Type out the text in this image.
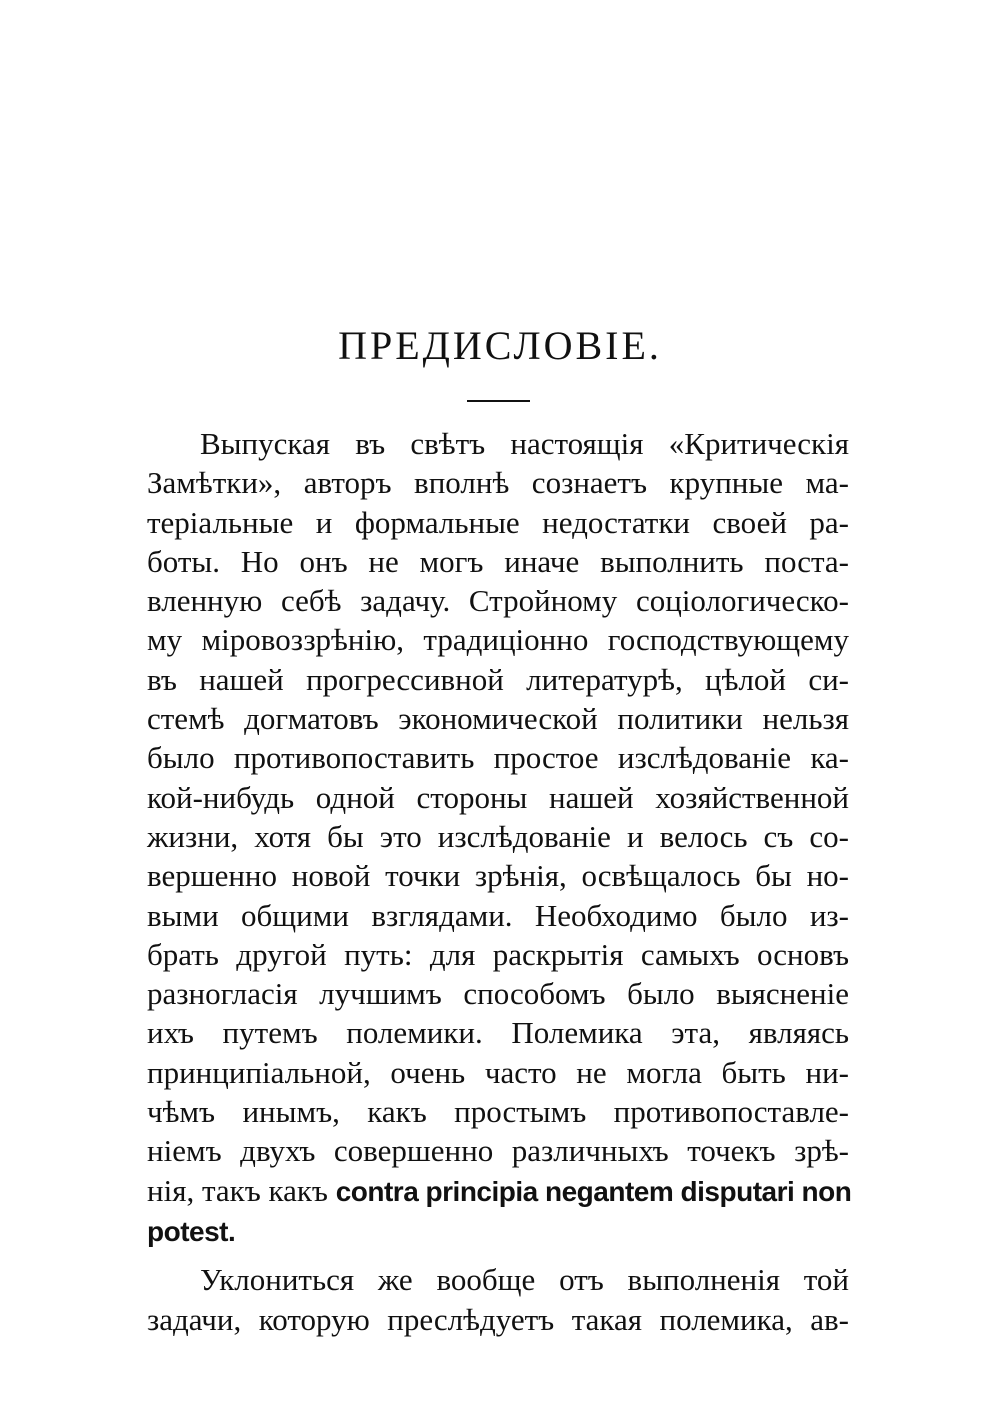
ПРЕДИСЛОВІЕ.
Выпуская въ свѣтъ настоящія «Критическія
Замѣтки», авторъ вполнѣ сознаетъ крупные ма-
теріальные и формальные недостатки своей ра-
боты. Но онъ не могъ иначе выполнить поста-
вленную себѣ задачу. Стройному соціологическо-
му міровоззрѣнію, традиціонно господствующему
въ нашей прогрессивной литературѣ, цѣлой си-
стемѣ догматовъ экономической политики нельзя
было противопоставить простое изслѣдованіе ка-
кой-нибудь одной стороны нашей хозяйственной
жизни, хотя бы это изслѣдованіе и велось съ со-
вершенно новой точки зрѣнія, освѣщалось бы но-
выми общими взглядами. Необходимо было из-
брать другой путь: для раскрытія самыхъ основъ
разногласія лучшимъ способомъ было выясненіе
ихъ путемъ полемики. Полемика эта, являясь
принципіальной, очень часто не могла быть ни-
чѣмъ инымъ, какъ простымъ противопоставле-
ніемъ двухъ совершенно различныхъ точекъ зрѣ-
нія, такъ какъ contra principia negantem disputari non
potest.
Уклониться же вообще отъ выполненія той
задачи, которую преслѣдуетъ такая полемика, ав-
